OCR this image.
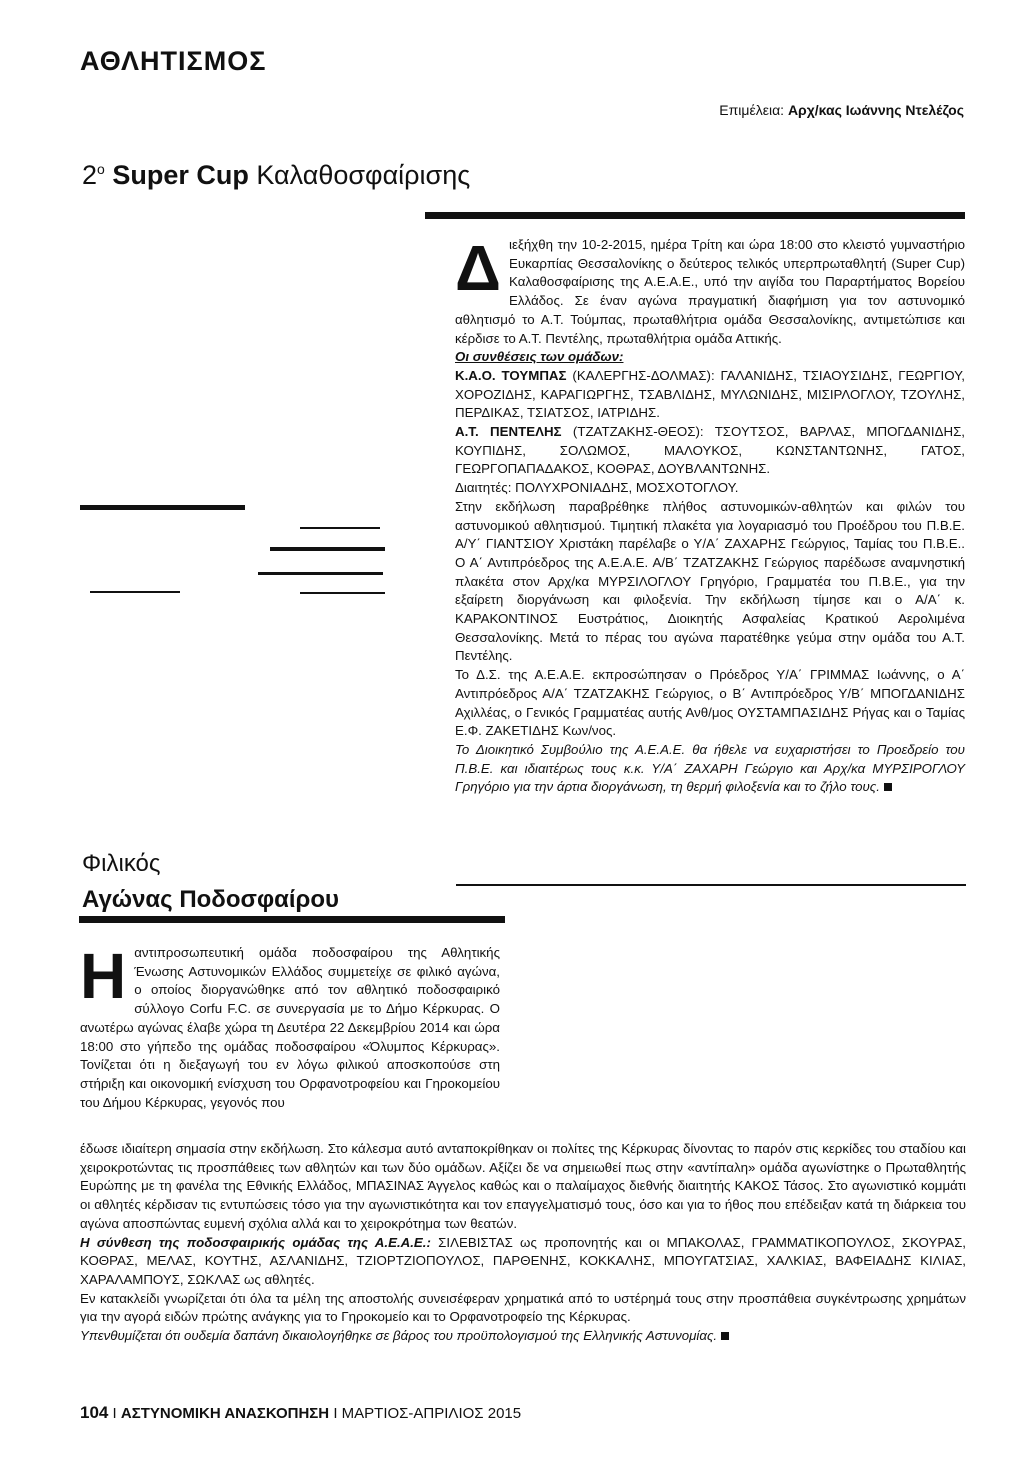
ΑΘΛΗΤΙΣΜΟΣ
Επιμέλεια: Αρχ/κας Ιωάννης Ντελέζος
$2^o$ Super Cup Καλαθοσφαίρισης
Δ ιεξήχθη την 10-2-2015, ημέρα Τρίτη και ώρα 18:00 στο κλειστό γυμναστήριο Ευκαρπίας Θεσσαλονίκης ο δεύτερος τελικός υπερπρωταθλητή (Super Cup) Καλαθοσφαίρισης της Α.Ε.Α.Ε., υπό την αιγίδα του Παραρτήματος Βορείου Ελλάδος. Σε έναν αγώνα πραγματική διαφήμιση για τον αστυνομικό αθλητισμό το Α.Τ. Τούμπας, πρωταθλήτρια ομάδα Θεσσαλονίκης, αντιμετώπισε και κέρδισε το Α.Τ. Πεντέλης, πρωταθλήτρια ομάδα Αττικής.

Οι συνθέσεις των ομάδων:

Κ.Α.Ο. ΤΟΥΜΠΑΣ (ΚΑΛΕΡΓΗΣ-ΔΟΛΜΑΣ): ΓΑΛΑΝΙΔΗΣ, ΤΣΙΑΟΥΣΙΔΗΣ, ΓΕΩΡΓΙΟΥ, ΧΟΡΟΖΙΔΗΣ, ΚΑΡΑΓΙΩΡΓΗΣ, ΤΣΑΒΛΙΔΗΣ, ΜΥΛΩΝΙΔΗΣ, ΜΙΣΙΡΛΟΓΛΟΥ, ΤΖΟΥΛΗΣ, ΠΕΡΔΙΚΑΣ, ΤΣΙΑΤΣΟΣ, ΙΑΤΡΙΔΗΣ.

Α.Τ. ΠΕΝΤΕΛΗΣ (ΤΖΑΤΖΑΚΗΣ-ΘΕΟΣ): ΤΣΟΥΤΣΟΣ, ΒΑΡΛΑΣ, ΜΠΟΓΔΑΝΙΔΗΣ, ΚΟΥΠΙΔΗΣ, ΣΟΛΩΜΟΣ, ΜΑΛΟΥΚΟΣ, ΚΩΝΣΤΑΝΤΩΝΗΣ, ΓΑΤΟΣ, ΓΕΩΡΓΟΠΑΠΑΔΑΚΟΣ, ΚΟΘΡΑΣ, ΔΟΥΒΛΑΝΤΩΝΗΣ.

Διαιτητές: ΠΟΛΥΧΡΟΝΙΑΔΗΣ, ΜΟΣΧΟΤΟΓΛΟΥ.

Στην εκδήλωση παραβρέθηκε πλήθος αστυνομικών-αθλητών και φιλών του αστυνομικού αθλητισμού. Τιμητική πλακέτα για λογαριασμό του Προέδρου του Π.Β.Ε. Α/Υ΄ ΓΙΑΝΤΣΙΟΥ Χριστάκη παρέλαβε ο Υ/Α΄ ΖΑΧΑΡΗΣ Γεώργιος, Ταμίας του Π.Β.Ε.. Ο Α΄ Αντιπρόεδρος της Α.Ε.Α.Ε. Α/Β΄ ΤΖΑΤΖΑΚΗΣ Γεώργιος παρέδωσε αναμνηστική πλακέτα στον Αρχ/κα ΜΥΡΣΙΛΟΓΛΟΥ Γρηγόριο, Γραμματέα του Π.Β.Ε., για την εξαίρετη διοργάνωση και φιλοξενία. Την εκδήλωση τίμησε και ο Α/Α΄ κ. ΚΑΡΑΚΟΝΤΙΝΟΣ Ευστράτιος, Διοικητής Ασφαλείας Κρατικού Αερολιμένα Θεσσαλονίκης. Μετά το πέρας του αγώνα παρατέθηκε γεύμα στην ομάδα του Α.Τ. Πεντέλης.

Το Δ.Σ. της Α.Ε.Α.Ε. εκπροσώπησαν ο Πρόεδρος Υ/Α΄ ΓΡΙΜΜΑΣ Ιωάννης, ο Α΄ Αντιπρόεδρος Α/Α΄ ΤΖΑΤΖΑΚΗΣ Γεώργιος, ο Β΄ Αντιπρόεδρος Υ/Β΄ ΜΠΟΓΔΑΝΙΔΗΣ Αχιλλέας, ο Γενικός Γραμματέας αυτής Ανθ/μος ΟΥΣΤΑΜΠΑΣΙΔΗΣ Ρήγας και ο Ταμίας Ε.Φ. ΖΑΚΕΤΙΔΗΣ Κων/νος.

Το Διοικητικό Συμβούλιο της Α.Ε.Α.Ε. θα ήθελε να ευχαριστήσει το Προεδρείο του Π.Β.Ε. και ιδιαιτέρως τους κ.κ. Υ/Α΄ ΖΑΧΑΡΗ Γεώργιο και Αρχ/κα ΜΥΡΣΙΡΟΓΛΟΥ Γρηγόριο για την άρτια διοργάνωση, τη θερμή φιλοξενία και το ζήλο τους.

Φιλικός
Αγώνας Ποδοσφαίρου
Η αντιπροσωπευτική ομάδα ποδοσφαίρου της Αθλητικής Ένωσης Αστυνομικών Ελλάδος συμμετείχε σε φιλικό αγώνα, ο οποίος διοργανώθηκε από τον αθλητικό ποδοσφαιρικό σύλλογο Corfu F.C. σε συνεργασία με το Δήμο Κέρκυρας. Ο ανωτέρω αγώνας έλαβε χώρα τη Δευτέρα 22 Δεκεμβρίου 2014 και ώρα 18:00 στο γήπεδο της ομάδας ποδοσφαίρου «Όλυμπος Κέρκυρας». Τονίζεται ότι η διεξαγωγή του εν λόγω φιλικού αποσκοπούσε στη στήριξη και οικονομική ενίσχυση του Ορφανοτροφείου και Γηροκομείου του Δήμου Κέρκυρας, γεγονός που

έδωσε ιδιαίτερη σημασία στην εκδήλωση. Στο κάλεσμα αυτό ανταποκρίθηκαν οι πολίτες της Κέρκυρας δίνοντας το παρόν στις κερκίδες του σταδίου και χειροκροτώντας τις προσπάθειες των αθλητών και των δύο ομάδων. Αξίζει δε να σημειωθεί πως στην «αντίπαλη» ομάδα αγωνίστηκε ο Πρωταθλητής Ευρώπης με τη φανέλα της Εθνικής Ελλάδος, ΜΠΑΣΙΝΑΣ Άγγελος καθώς και ο παλαίμαχος διεθνής διαιτητής ΚΑΚΟΣ Τάσος. Στο αγωνιστικό κομμάτι οι αθλητές κέρδισαν τις εντυπώσεις τόσο για την αγωνιστικότητα και τον επαγγελματισμό τους, όσο και για το ήθος που επέδειξαν κατά τη διάρκεια του αγώνα αποσπώντας ευμενή σχόλια αλλά και το χειροκρότημα των θεατών.

Η σύνθεση της ποδοσφαιρικής ομάδας της Α.Ε.Α.Ε.: ΣΙΛΕΒΙΣΤΑΣ ως προπονητής και οι ΜΠΑΚΟΛΑΣ, ΓΡΑΜΜΑΤΙΚΟΠΟΥΛΟΣ, ΣΚΟΥΡΑΣ, ΚΟΘΡΑΣ, ΜΕΛΑΣ, ΚΟΥΤΗΣ, ΑΣΛΑΝΙΔΗΣ, ΤΖΙΟΡΤΖΙΟΠΟΥΛΟΣ, ΠΑΡΘΕΝΗΣ, ΚΟΚΚΑΛΗΣ, ΜΠΟΥΓΑΤΣΙΑΣ, ΧΑΛΚΙΑΣ, ΒΑΦΕΙΑΔΗΣ ΚΙΛΙΑΣ, ΧΑΡΑΛΑΜΠΟΥΣ, ΣΩΚΛΑΣ ως αθλητές.

Εν κατακλείδι γνωρίζεται ότι όλα τα μέλη της αποστολής συνεισέφεραν χρηματικά από το υστέρημά τους στην προσπάθεια συγκέντρωσης χρημάτων για την αγορά ειδών πρώτης ανάγκης για το Γηροκομείο και το Ορφανοτροφείο της Κέρκυρας.

Υπενθυμίζεται ότι ουδεμία δαπάνη δικαιολογήθηκε σε βάρος του προϋπολογισμού της Ελληνικής Αστυνομίας.

104 I ΑΣΤΥΝΟΜΙΚΗ ΑΝΑΣΚΟΠΗΣΗ I ΜΑΡΤΙΟΣ-ΑΠΡΙΛΙΟΣ 2015
